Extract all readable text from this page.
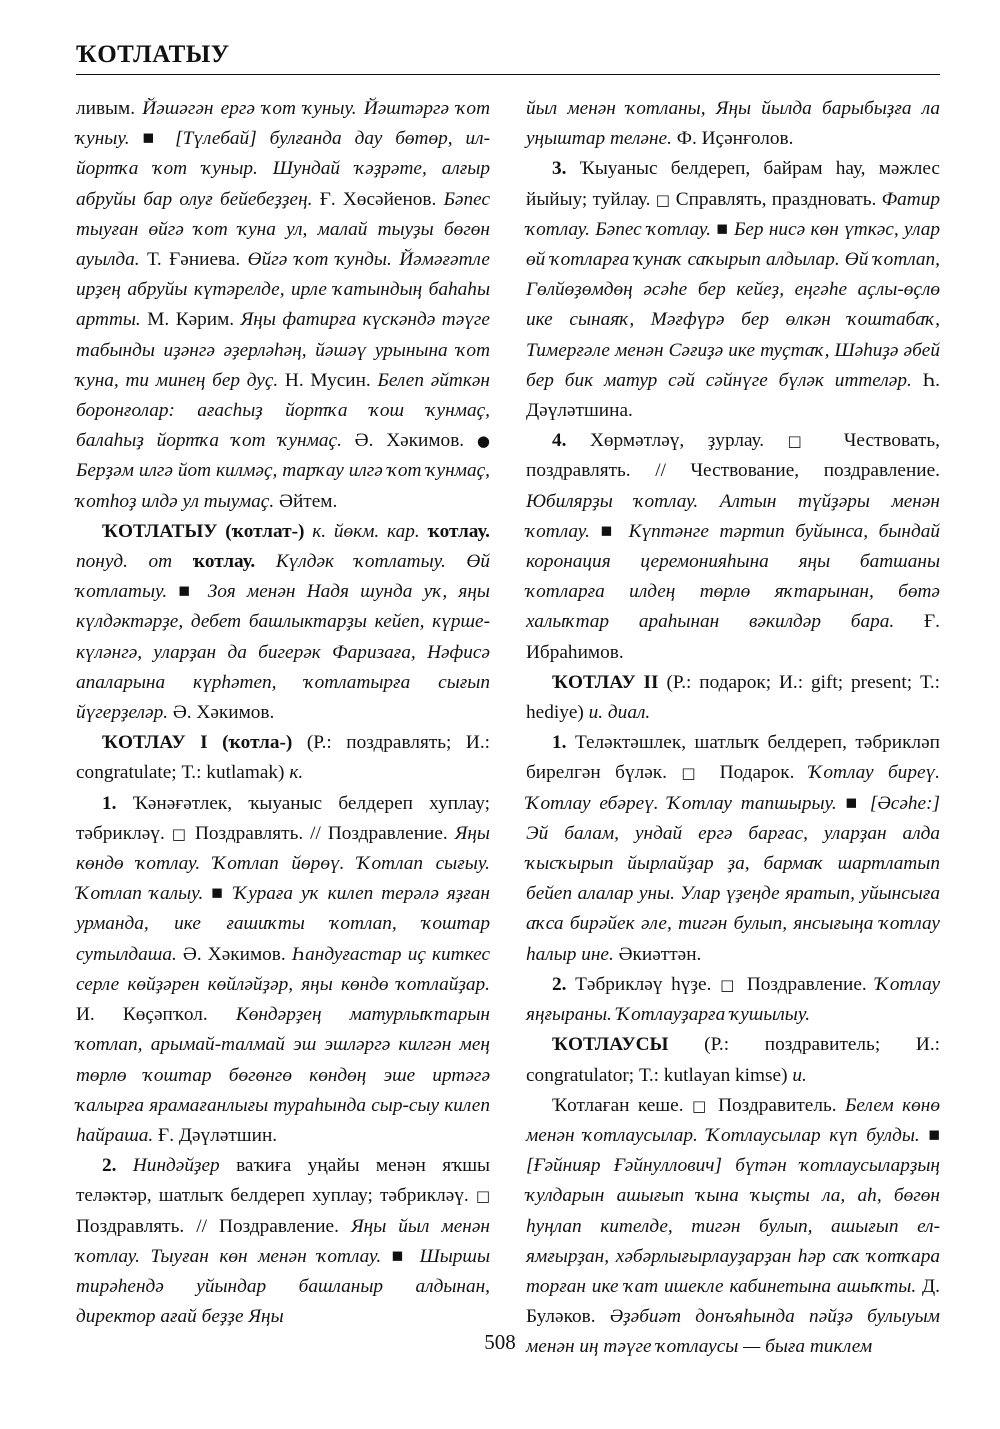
ҠОТЛАТЫУ

ливым. Йәшәгән ергә ҡот ҡуныу. Йәштәргә ҡот ҡуныу. ■ [Түлебай] булғанда дау бөтөр, ил-йортҡа ҡот ҡуныр. Шундай ҡәҙрәте, алғыр абруйы бар олуғ бейебеҙҙең. Ғ. Хөсәйенов. Бәпес тыуған өйгә ҡот ҡуна ул, малай тыуҙы бөгөн ауылда. Т. Ғәниева. Өйгә ҡот ҡунды. Йәмәғәтле ирҙең абруйы күтәрелде, ирле ҡатындың баһаһы артты. М. Кәрим. Яңы фатирға күскәндә тәүге табынды иҙәнгә әҙерләһәң, йәшәү урынына ҡот ҡуна, ти минең бер дуҫ. Н. Мусин. Белеп әйткән боронғолар: ағасһыҙ йортҡа ҡош ҡунмаҫ, балаһыҙ йортҡа ҡот ҡунмаҫ. Ә. Хәкимов. ● Берҙәм илгә йот килмәҫ, тарҡау илгә ҡот ҡунмаҫ, ҡотһоҙ илдә ул тыумаҫ. Әйтем.

ҠОТЛАТЫУ (ҡотлат-) к. йөкм. кар. ҡотлау. понуд. от ҡотлау. Күлдәк ҡотлатыу. Өй ҡотлатыу. ■ Зоя менән Надя шунда уҡ, яңы күлдәктәрҙе, дебет башлыктарҙы кейеп, күрше-күләнгә, уларҙан да бигерәк Фаризаға, Нәфисә апаларына күрһәтеп, ҡотлатырға сығып йүгерҙеләр. Ә. Хәкимов.

ҠОТЛАУ I (ҡотла-) (Р.: поздравлять; И.: congratulate; Т.: kutlamak) к.

1. Ҡәнәғәтлек, ҡыуаныс белдереп хуплау; тәбрикләү. □ Поздравлять. // Поздравление. Яңы көндө ҡотлау. Ҡотлап йөрөү. Ҡотлап сығыу. Ҡотлап ҡалыу. ■ Ҡураға уҡ килеп терәлә яҙған урманда, ике ғашиҡты ҡотлап, ҡоштар сутылдаша. Ә. Хәкимов. Һандуғастар иҫ киткес серле көйҙәрен көйләйҙәр, яңы көндө ҡотлайҙар. И. Көҫәпҡол. Көндәрҙең матурлыҡтарын ҡотлап, арымай-талмай эш эшләргә килгән мең төрлө ҡоштар бөгөнгө көндөң эше иртәгә ҡалырға ярамағанлығы турaһында сыр-сыу килеп һайраша. Ғ. Дәүләтшин.

2. Ниндәйҙер ваҡиға уңайы менән яҡшы теләктәр, шатлыҡ белдереп хуплау; тәбрикләү. □ Поздравлять. // Поздравление. Яңы йыл менән ҡотлау. Тыуған көн менән ҡотлау. ■ Шыршы тирәһендә уйындар башланыр алдынан, директор ағай беҙҙе Яңы

йыл менән ҡотланы, Яңы йылда барыбыҙға ла уңыштар теләне. Ф. Иҫәнғолов.

3. Ҡыуаныс белдереп, байрам һау, мәжлес йыйыу; туйлау. □ Справлять, праздновать. Фатир ҡотлау. Бәпес ҡотлау. ■ Бер нисә көн үткәс, улар өй ҡотларға ҡунаҡ саҡырып алдылар. Өй ҡотлап, Гөлйөҙөмдөң әсәһе бер кейеҙ, еңгәһе аҫлы-өҫлө ике сынаяҡ, Мәғфүрә бер өлкән ҡоштабаҡ, Тимерғәле менән Сәғиҙә ике туҫтаҡ, Шәһиҙә әбей бер бик матур сәй сәйнүге бүләк иттеләр. Һ. Дәүләтшина.

4. Хөрмәтләү, ҙурлау. □ Чествовать, поздравлять. // Чествование, поздравление. Юбилярҙы ҡотлау. Алтын түйҙәры менән ҡотлау. ■ Күптәнге тәртип буйынса, бындай коронация церемонияһына яңы батшаны ҡотларға илдең төрлө яҡтарынан, бөтә халыҡтар араһынан вәкилдәр бара. Ғ. Ибраһимов.

ҠОТЛАУ II (Р.: подарок; И.: gift; present; Т.: hediye) и. диал.

1. Теләктәшлек, шатлыҡ белдереп, тәбрикләп бирелгән бүләк. □ Подарок. Ҡотлау биреү. Ҡотлау ебәреү. Ҡотлау тапшырыу. ■ [Әсәһе:] Эй балам, ундай ергә барғас, уларҙан алда ҡысҡырып йырлайҙар ҙа, бармаҡ шартлатып бейеп алалар уны. Улар үҙеңде яратып, уйынсыға аҡса бирәйек әле, тигән булып, янсығыңа ҡотлау һалыр ине. Әкиәттән.

2. Тәбрикләү һүҙе. □ Поздравление. Ҡотлау яңғыраны. Ҡотлауҙарға ҡушылыу.

ҠОТЛАУСЫ (Р.: поздравитель; И.: congratulator; Т.: kutlayan kimse) и.

Ҡотлаған кеше. □ Поздравитель. Белем көнө менән ҡотлаусылар. Ҡотлаусылар күп булды. ■ [Ғәйнияр Ғәйнуллович] бүтән ҡотлаусыларҙың ҡулдарын ашығып ҡына ҡыҫты ла, аһ, бөгөн һуңлап кителде, тигән булып, ашығып ел-ямғырҙан, хәбәрлығырлауҙарҙан һәр саҡ ҡотҡара торған ике ҡат ишекле кабинетына ашыҡты. Д. Буләков. Әҙәбиәт донъяһында пәйҙә булыуым менән иң тәүге ҡотлаусы — быға тиклем

508
